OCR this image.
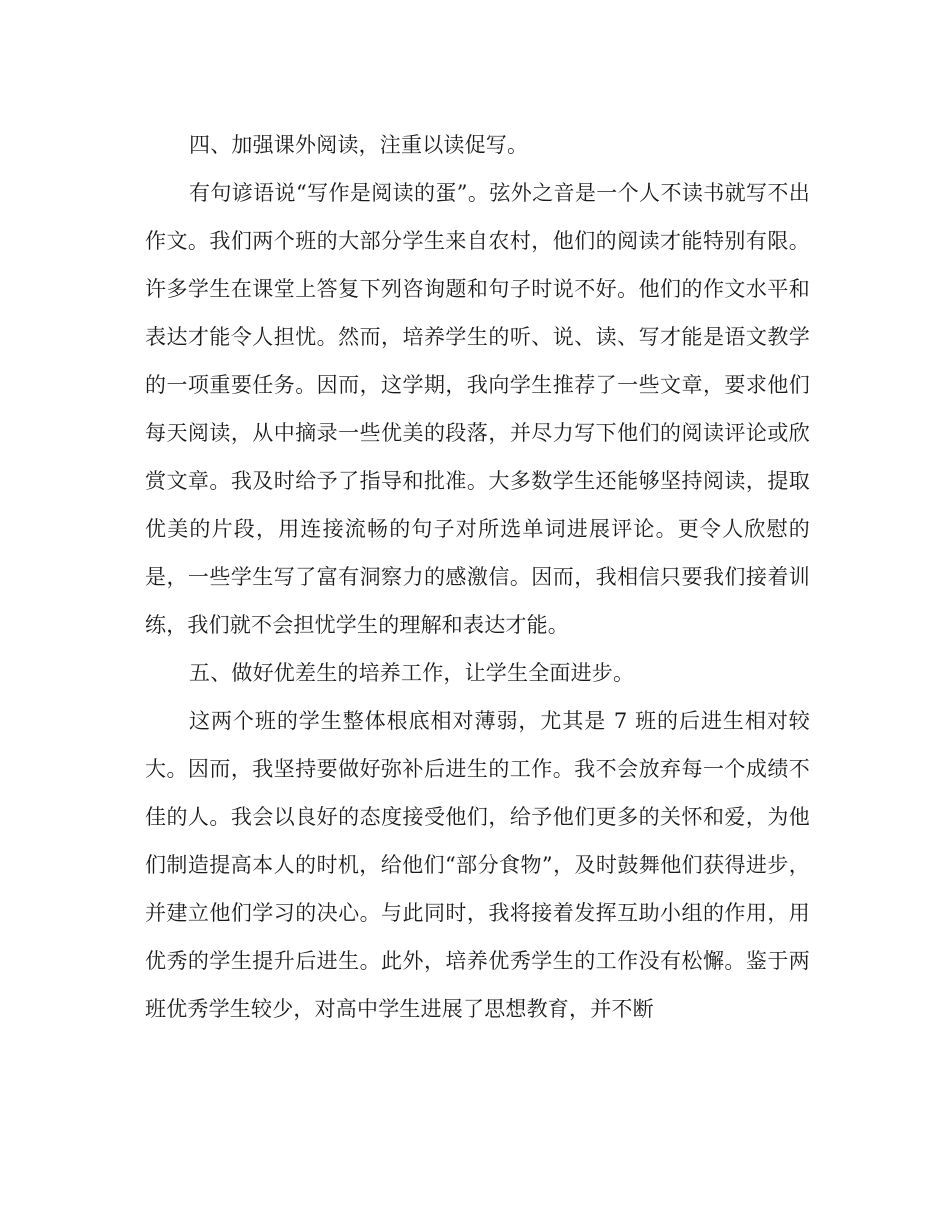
四、加强课外阅读，注重以读促写。

有句谚语说“写作是阅读的蛋”。弦外之音是一个人不读书就写不出作文。我们两个班的大部分学生来自农村，他们的阅读才能特别有限。许多学生在课堂上答复下列咨询题和句子时说不好。他们的作文水平和表达才能令人担忧。然而，培养学生的听、说、读、写才能是语文教学的一项重要任务。因而，这学期，我向学生推荐了一些文章，要求他们每天阅读，从中摘录一些优美的段落，并尽力写下他们的阅读评论或欣赏文章。我及时给予了指导和批准。大多数学生还能够坚持阅读，提取优美的片段，用连接流畅的句子对所选单词进展评论。更令人欣慰的是，一些学生写了富有洞察力的感激信。因而，我相信只要我们接着训练，我们就不会担忧学生的理解和表达才能。

五、做好优差生的培养工作，让学生全面进步。

这两个班的学生整体根底相对薄弱，尤其是 7 班的后进生相对较大。因而，我坚持要做好弥补后进生的工作。我不会放弃每一个成绩不佳的人。我会以良好的态度接受他们，给予他们更多的关怀和爱，为他们制造提高本人的时机，给他们“部分食物”，及时鼓舞他们获得进步，并建立他们学习的决心。与此同时，我将接着发挥互助小组的作用，用优秀的学生提升后进生。此外，培养优秀学生的工作没有松懈。鉴于两班优秀学生较少，对高中学生进展了思想教育，并不断
